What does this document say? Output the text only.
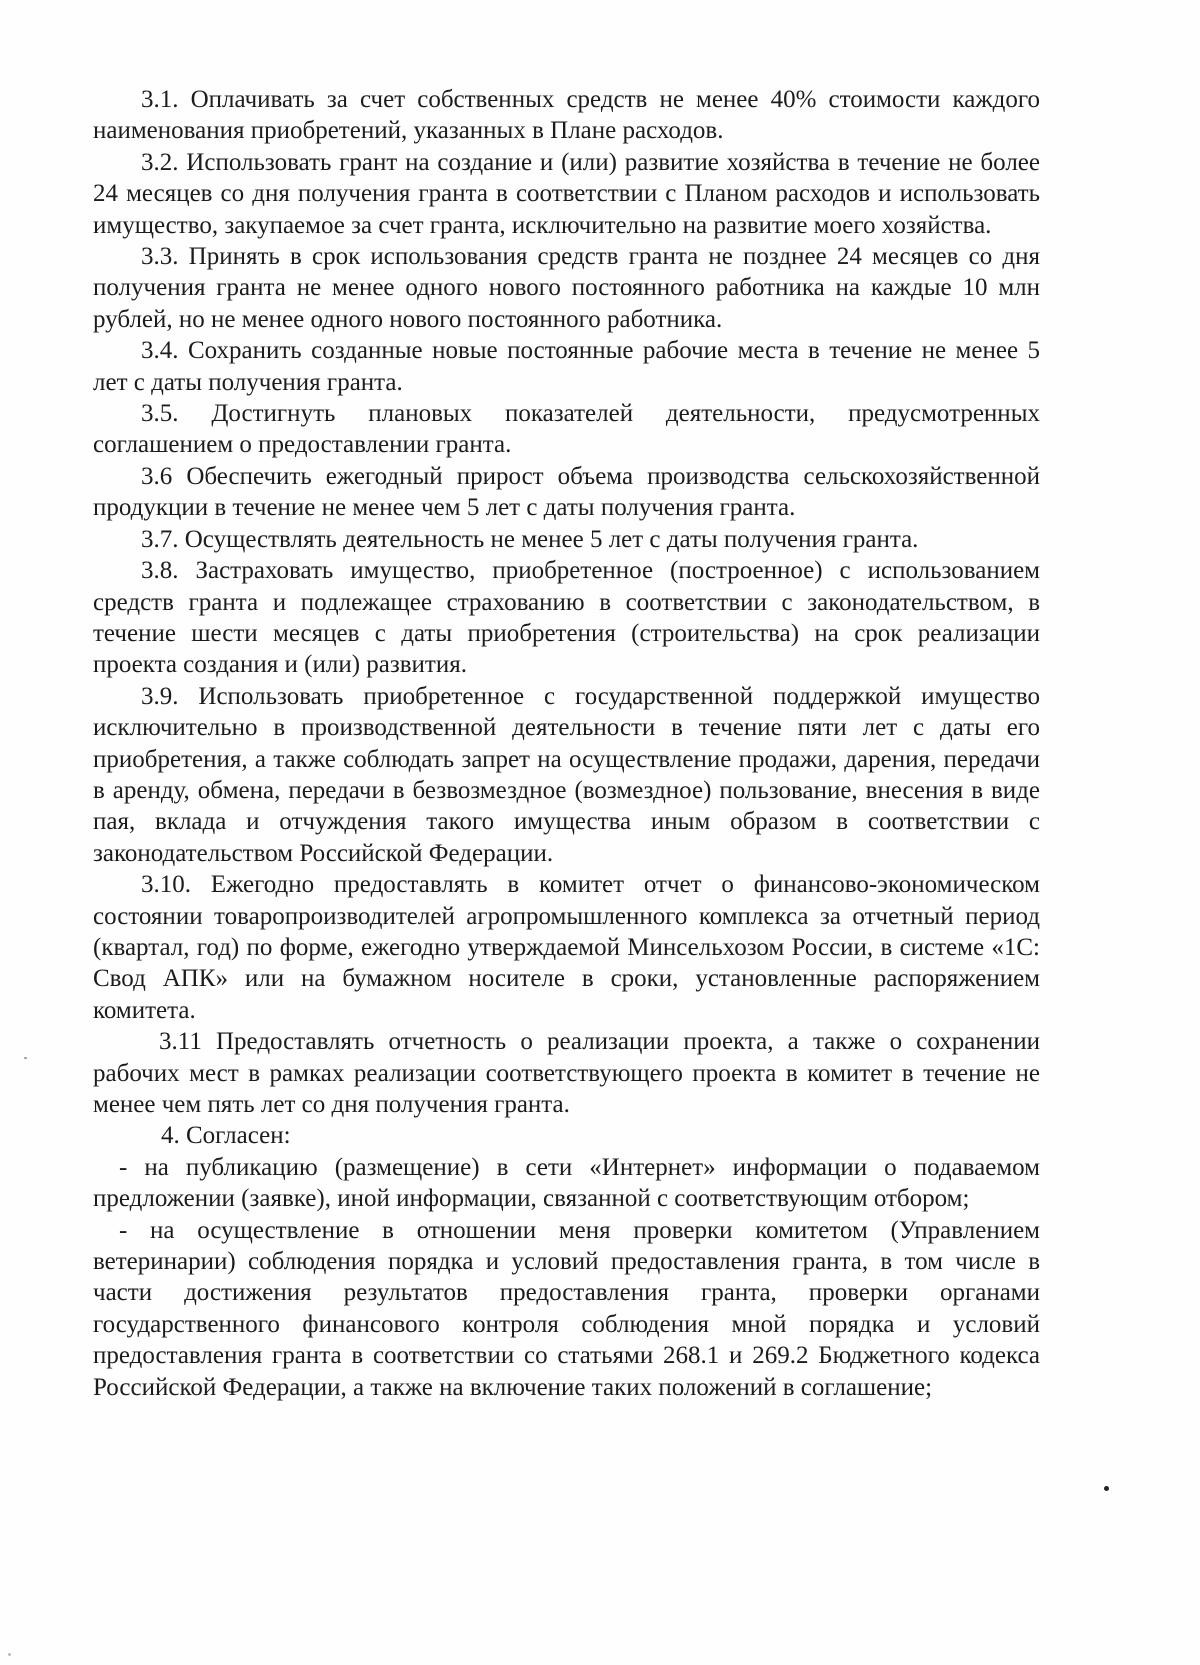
3.1. Оплачивать за счет собственных средств не менее 40% стоимости каждого наименования приобретений, указанных в Плане расходов.

3.2. Использовать грант на создание и (или) развитие хозяйства в течение не более 24 месяцев со дня получения гранта в соответствии с Планом расходов и использовать имущество, закупаемое за счет гранта, исключительно на развитие моего хозяйства.

3.3. Принять в срок использования средств гранта не позднее 24 месяцев со дня получения гранта не менее одного нового постоянного работника на каждые 10 млн рублей, но не менее одного нового постоянного работника.

3.4. Сохранить созданные новые постоянные рабочие места в течение не менее 5 лет с даты получения гранта.

3.5. Достигнуть плановых показателей деятельности, предусмотренных соглашением о предоставлении гранта.

3.6 Обеспечить ежегодный прирост объема производства сельскохозяйственной продукции в течение не менее чем 5 лет с даты получения гранта.

3.7. Осуществлять деятельность не менее 5 лет с даты получения гранта.

3.8. Застраховать имущество, приобретенное (построенное) с использованием средств гранта и подлежащее страхованию в соответствии с законодательством, в течение шести месяцев с даты приобретения (строительства) на срок реализации проекта создания и (или) развития.

3.9. Использовать приобретенное с государственной поддержкой имущество исключительно в производственной деятельности в течение пяти лет с даты его приобретения, а также соблюдать запрет на осуществление продажи, дарения, передачи в аренду, обмена, передачи в безвозмездное (возмездное) пользование, внесения в виде пая, вклада и отчуждения такого имущества иным образом в соответствии с законодательством Российской Федерации.

3.10. Ежегодно предоставлять в комитет отчет о финансово-экономическом состоянии товаропроизводителей агропромышленного комплекса за отчетный период (квартал, год) по форме, ежегодно утверждаемой Минсельхозом России, в системе «1С: Свод АПК» или на бумажном носителе в сроки, установленные распоряжением комитета.

3.11 Предоставлять отчетность о реализации проекта, а также о сохранении рабочих мест в рамках реализации соответствующего проекта в комитет в течение не менее чем пять лет со дня получения гранта.

4. Согласен:

- на публикацию (размещение) в сети «Интернет» информации о подаваемом предложении (заявке), иной информации, связанной с соответствующим отбором;

- на осуществление в отношении меня проверки комитетом (Управлением ветеринарии) соблюдения порядка и условий предоставления гранта, в том числе в части достижения результатов предоставления гранта, проверки органами государственного финансового контроля соблюдения мной порядка и условий предоставления гранта в соответствии со статьями 268.1 и 269.2 Бюджетного кодекса Российской Федерации, а также на включение таких положений в соглашение;
